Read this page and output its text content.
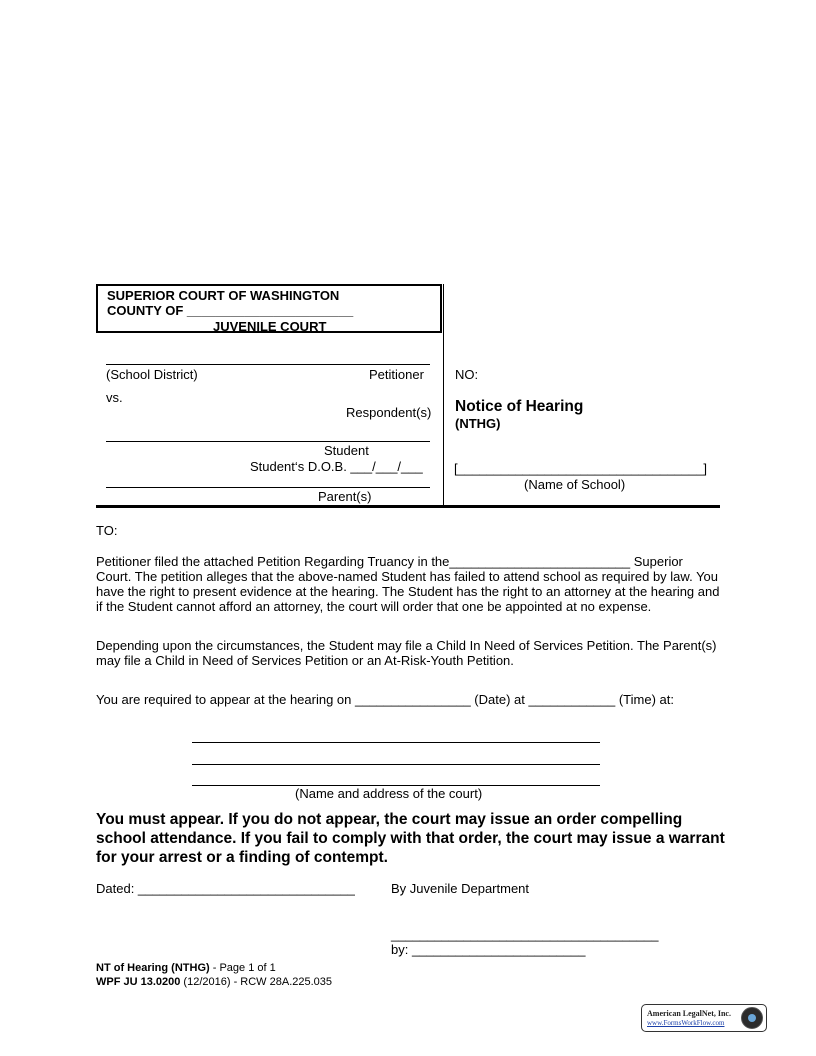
SUPERIOR COURT OF WASHINGTON
COUNTY OF _______________________
JUVENILE COURT
(School District)	Petitioner
vs.
Respondent(s)
Student
Student‘s D.O.B. ___/___/___
Parent(s)
NO:
Notice of Hearing
(NTHG)
[__________________________________]
(Name of School)
TO:
Petitioner filed the attached Petition Regarding Truancy in the_________________________ Superior Court. The petition alleges that the above-named Student has failed to attend school as required by law. You have the right to present evidence at the hearing. The Student has the right to an attorney at the hearing and if the Student cannot afford an attorney, the court will order that one be appointed at no expense.
Depending upon the circumstances, the Student may file a Child In Need of Services Petition. The Parent(s) may file a Child in Need of Services Petition or an At-Risk-Youth Petition.
You are required to appear at the hearing on ________________ (Date) at ____________ (Time) at:
(Name and address of the court)
You must appear. If you do not appear, the court may issue an order compelling school attendance. If you fail to comply with that order, the court may issue a warrant for your arrest or a finding of contempt.
Dated: ______________________________	By Juvenile Department
_____________________________________
by: ________________________
NT of Hearing (NTHG) - Page 1 of 1
WPF JU 13.0200 (12/2016) - RCW 28A.225.035
American LegalNet, Inc.
www.FormsWorkFlow.com
